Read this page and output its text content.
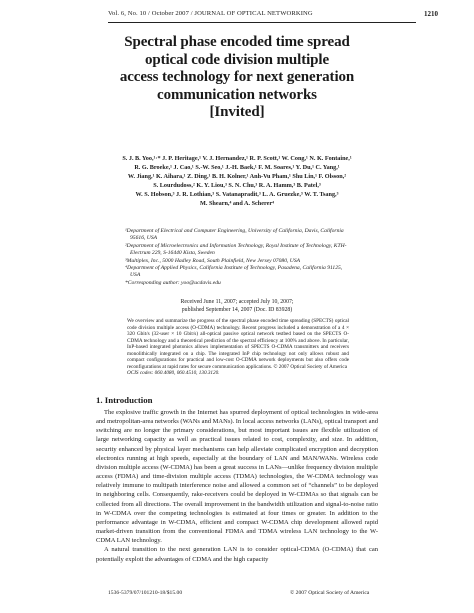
Vol. 6, No. 10 / October 2007 / JOURNAL OF OPTICAL NETWORKING	1210
Spectral phase encoded time spread
optical code division multiple
access technology for next generation
communication networks
[Invited]
S. J. B. Yoo,¹·* J. P. Heritage,¹ V. J. Hernandez,¹ R. P. Scott,¹ W. Cong,¹ N. K. Fontaine,¹
R. G. Broeke,¹ J. Cao,¹ S.-W. Seo,¹ J.-H. Baek,¹ F. M. Soares,¹ Y. Du,¹ C. Yang,¹
W. Jiang,¹ K. Aihara,¹ Z. Ding,¹ B. H. Kolner,¹ Anh-Vu Pham,¹ Shu Lin,¹ F. Olsson,²
S. Lourdudoss,² K. Y. Liou,³ S. N. Chu,³ R. A. Hamm,³ B. Patel,³
W. S. Hobson,³ J. R. Lothian,³ S. Vatanapradit,³ L. A. Gruezke,³ W. T. Tsang,³
M. Shearn,⁴ and A. Scherer⁴
¹Department of Electrical and Computer Engineering, University of California, Davis, California 95616, USA
²Department of Microelectronics and Information Technology, Royal Institute of Technology, KTH-Electrum 229, S-16440 Kista, Sweden
³Multiplex, Inc., 5000 Hadley Road, South Plainfield, New Jersey 07080, USA
⁴Department of Applied Physics, California Institute of Technology, Pasadena, California 91125, USA
*Corresponding author: yoo@ucdavis.edu
Received June 11, 2007; accepted July 10, 2007;
published September 14, 2007 (Doc. ID 83928)
We overview and summarize the progress of the spectral phase encoded time spreading (SPECTS) optical code division multiple access (O-CDMA) technology. Recent progress included a demonstration of a 4 × 320 Gbit/s (32-user × 10 Gbit/s) all-optical passive optical network testbed based on the SPECTS O-CDMA technology and a theoretical prediction of the spectral efficiency at 100% and above. In particular, InP-based integrated photonics allows implementation of SPECTS O-CDMA transmitters and receivers monolithically integrated on a chip. The integrated InP chip technology not only allows robust and compact configurations for practical and low-cost O-CDMA network deployments but also offers code reconfigurations at rapid rates for secure communication applications. © 2007 Optical Society of America
OCIS codes: 060.4080, 060.4510, 130.3120.
1. Introduction

The explosive traffic growth in the Internet has spurred deployment of optical technologies in wide-area and metropolitan-area networks (WANs and MANs). In local access networks (LANs), optical transport and switching are no longer the primary considerations, but most important issues are flexible utilization of large networking capacity as well as practical issues related to cost, complexity, and size. In addition, security enhanced by physical layer mechanisms can help alleviate complicated encryption and decryption electronics running at high speeds, especially at the boundary of LAN and MAN/WANs. Wireless code division multiple access (W-CDMA) has been a great success in LANs—unlike frequency division multiple access (FDMA) and time-division multiple access (TDMA) technologies, the W-CDMA technology was relatively immune to multipath interference noise and allowed a common set of “channels” to be deployed in neighboring cells. Consequently, rake-receivers could be deployed in W-CDMAs so that signals can be collected from all directions. The overall improvement in the bandwidth utilization and signal-to-noise ratio in W-CDMA over the competing technologies is estimated at four times or greater. In addition to the performance advantage in W-CDMA, efficient and compact W-CDMA chip development allowed rapid market-driven transition from the conventional FDMA and TDMA wireless LAN technology to the W-CDMA LAN technology.

A natural transition to the next generation LAN is to consider optical-CDMA (O-CDMA) that can potentially exploit the advantages of CDMA and the high capacity

1536-5379/07/101210-18/$15.00	© 2007 Optical Society of America
